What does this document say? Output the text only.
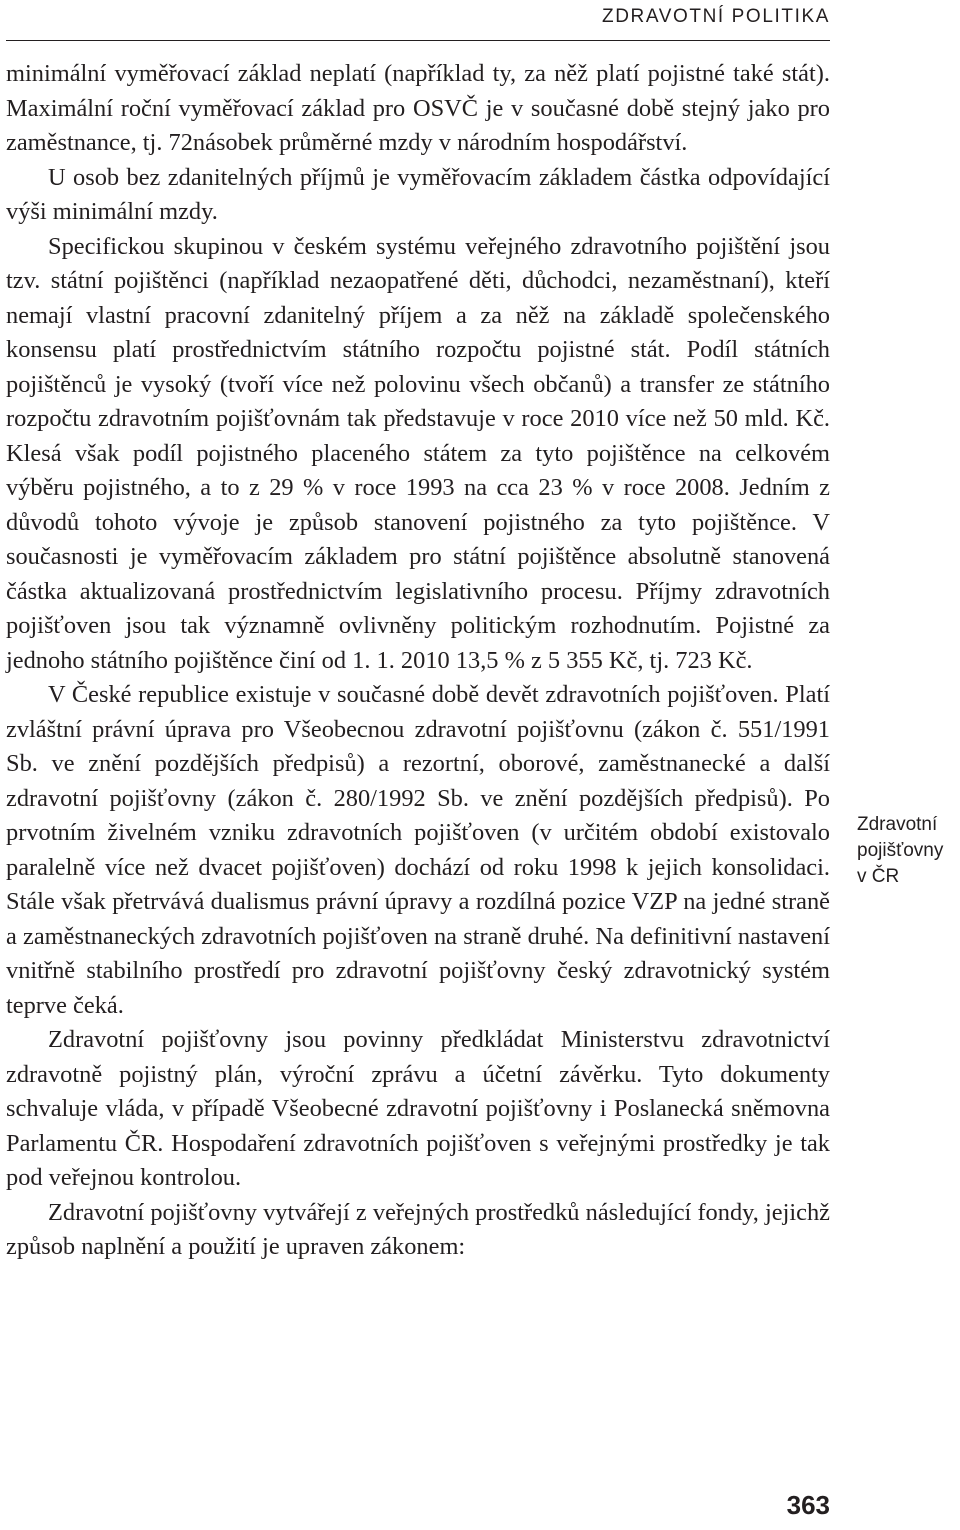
ZDRAVOTNÍ POLITIKA

minimální vyměřovací základ neplatí (například ty, za něž platí pojistné také stát). Maximální roční vyměřovací základ pro OSVČ je v současné době stejný jako pro zaměstnance, tj. 72násobek průměrné mzdy v národním hospodářství.

U osob bez zdanitelných příjmů je vyměřovacím základem částka odpovídající výši minimální mzdy.

Specifickou skupinou v českém systému veřejného zdravotního pojištění jsou tzv. státní pojištěnci (například nezaopatřené děti, důchodci, nezaměstnaní), kteří nemají vlastní pracovní zdanitelný příjem a za něž na základě společenského konsensu platí prostřednictvím státního rozpočtu pojistné stát. Podíl státních pojištěnců je vysoký (tvoří více než polovinu všech občanů) a transfer ze státního rozpočtu zdravotním pojišťovnám tak představuje v roce 2010 více než 50 mld. Kč. Klesá však podíl pojistného placeného státem za tyto pojištěnce na celkovém výběru pojistného, a to z 29 % v roce 1993 na cca 23 % v roce 2008. Jedním z důvodů tohoto vývoje je způsob stanovení pojistného za tyto pojištěnce. V současnosti je vyměřovacím základem pro státní pojištěnce absolutně stanovená částka aktualizovaná prostřednictvím legislativního procesu. Příjmy zdravotních pojišťoven jsou tak významně ovlivněny politickým rozhodnutím. Pojistné za jednoho státního pojištěnce činí od 1. 1. 2010 13,5 % z 5 355 Kč, tj. 723 Kč.

V České republice existuje v současné době devět zdravotních pojišťoven. Platí zvláštní právní úprava pro Všeobecnou zdravotní pojišťovnu (zákon č. 551/1991 Sb. ve znění pozdějších předpisů) a rezortní, oborové, zaměstnanecké a další zdravotní pojišťovny (zákon č. 280/1992 Sb. ve znění pozdějších předpisů). Po prvotním živelném vzniku zdravotních pojišťoven (v určitém období existovalo paralelně více než dvacet pojišťoven) dochází od roku 1998 k jejich konsolidaci. Stále však přetrvává dualismus právní úpravy a rozdílná pozice VZP na jedné straně a zaměstnaneckých zdravotních pojišťoven na straně druhé. Na definitivní nastavení vnitřně stabilního prostředí pro zdravotní pojišťovny český zdravotnický systém teprve čeká.

Zdravotní pojišťovny jsou povinny předkládat Ministerstvu zdravotnictví zdravotně pojistný plán, výroční zprávu a účetní závěrku. Tyto dokumenty schvaluje vláda, v případě Všeobecné zdravotní pojišťovny i Poslanecká sněmovna Parlamentu ČR. Hospodaření zdravotních pojišťoven s veřejnými prostředky je tak pod veřejnou kontrolou.

Zdravotní pojišťovny vytvářejí z veřejných prostředků následující fondy, jejichž způsob naplnění a použití je upraven zákonem:

Zdravotní
pojišťovny
v ČR
363
